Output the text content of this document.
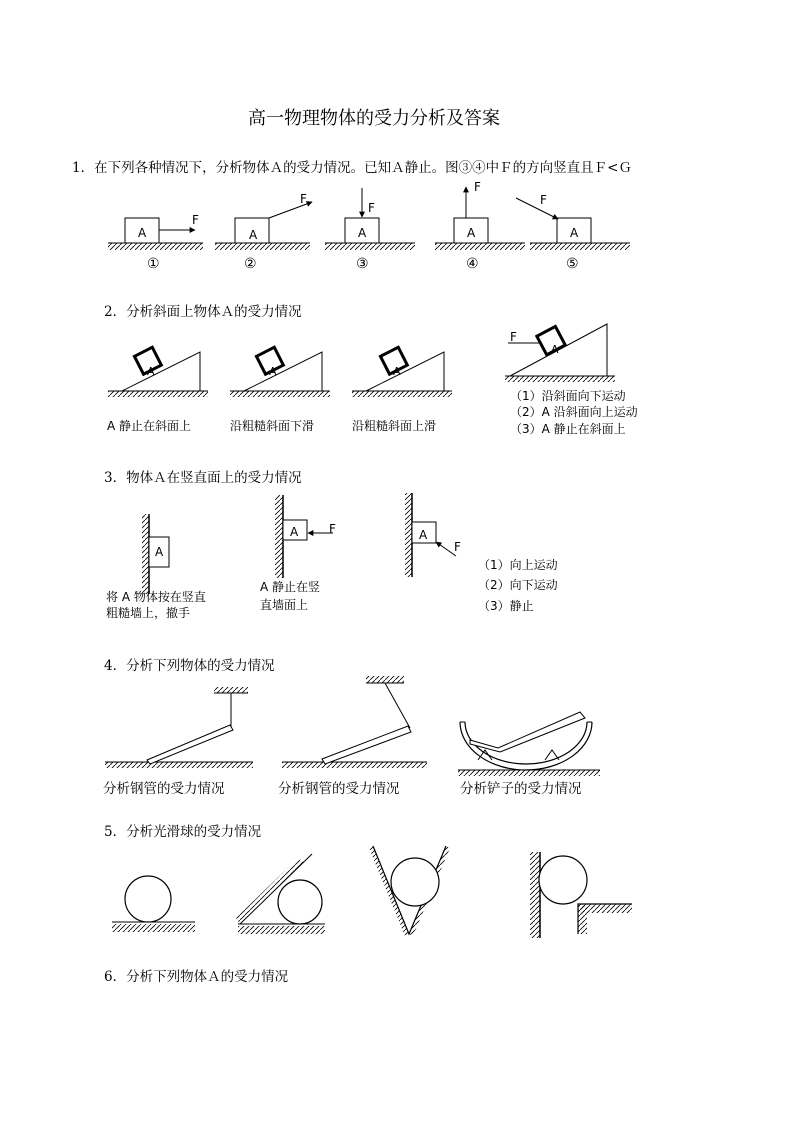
高一物理物体的受力分析及答案
1．在下列各种情况下，分析物体Ａ的受力情况。已知Ａ静止。图③④中Ｆ的方向竖直且Ｆ<Ｇ
A
F
A
F
A
F
A
F
A
F
①	②	③	④	⑤
2．分析斜面上物体Ａ的受力情况
A	A	A
A
F
A 静止在斜面上	沿粗糙斜面下滑	沿粗糙斜面上滑
（1）沿斜面向下运动
（2）A 沿斜面向上运动
（3）A 静止在斜面上
3．物体Ａ在竖直面上的受力情况
A
A	F	A
F
将 A 物体按在竖直
粗糙墙上，撤手
A 静止在竖
直墙面上
（1）向上运动
（2）向下运动
（3）静止
4．分析下列物体的受力情况
分析钢管的受力情况	分析钢管的受力情况	分析铲子的受力情况
5．分析光滑球的受力情况
6．分析下列物体Ａ的受力情况
